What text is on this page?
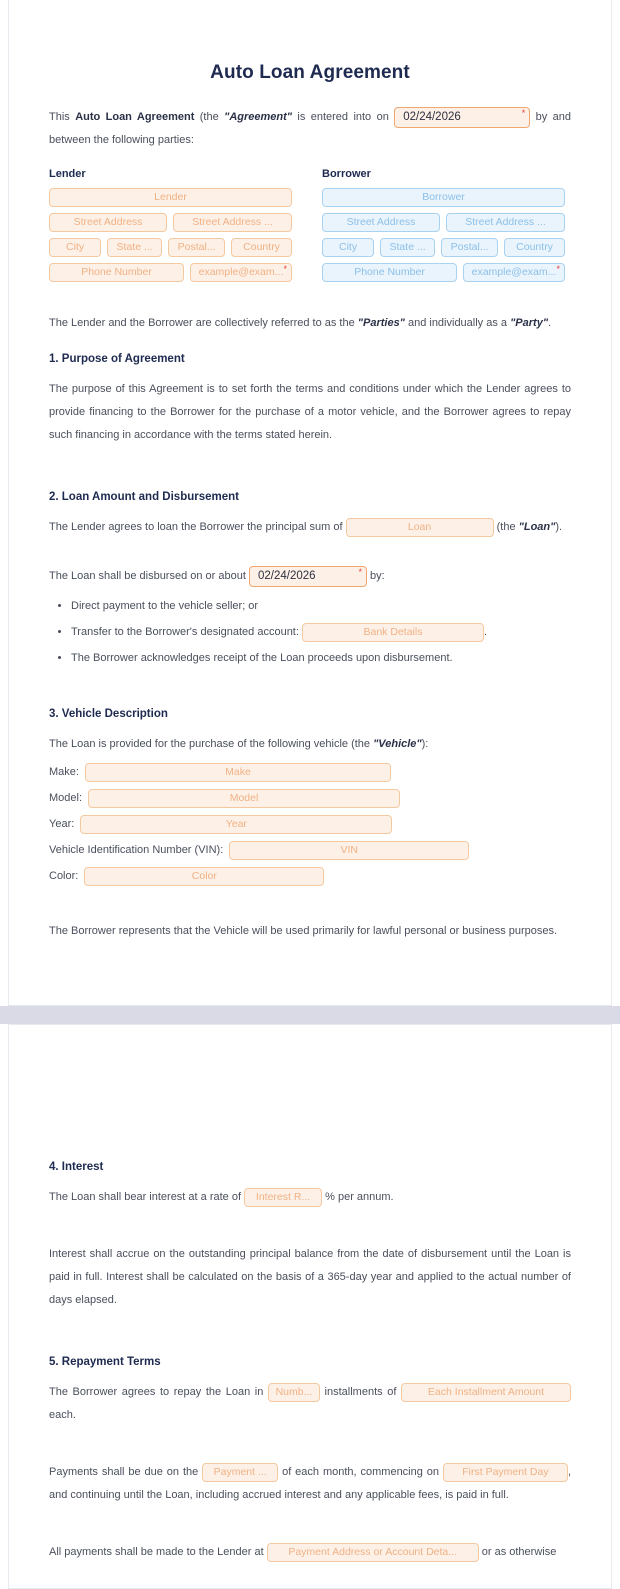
Auto Loan Agreement

This Auto Loan Agreement (the "Agreement" is entered into on 02/24/2026	* by and between the following parties:

Lender
Lender
Street Address	Street Address ...
City	State ...	Postal...	Country
Phone Number	example@exam... *
Borrower
Borrower
Street Address	Street Address ...
City	State ...	Postal...	Country
Phone Number	example@exam... *

The Lender and the Borrower are collectively referred to as the "Parties" and individually as a "Party".

1. Purpose of Agreement

The purpose of this Agreement is to set forth the terms and conditions under which the Lender agrees to provide financing to the Borrower for the purchase of a motor vehicle, and the Borrower agrees to repay such financing in accordance with the terms stated herein.

2. Loan Amount and Disbursement

The Lender agrees to loan the Borrower the principal sum of	Loan	(the "Loan").

The Loan shall be disbursed on or about 02/24/2026	* by:

• Direct payment to the vehicle seller; or
• Transfer to the Borrower's designated account:	Bank Details	.
• The Borrower acknowledges receipt of the Loan proceeds upon disbursement.
3. Vehicle Description

The Loan is provided for the purchase of the following vehicle (the "Vehicle"):

Make:	Make
Model:	Model
Year:	Year
Vehicle Identification Number (VIN):	VIN
Color:	Color

The Borrower represents that the Vehicle will be used primarily for lawful personal or business purposes.

4. Interest

The Loan shall bear interest at a rate of Interest R... % per annum.

Interest shall accrue on the outstanding principal balance from the date of disbursement until the Loan is paid in full. Interest shall be calculated on the basis of a 365-day year and applied to the actual number of days elapsed.

5. Repayment Terms

The Borrower agrees to repay the Loan in Numb... installments of	Each Installment Amount each.

Payments shall be due on the Payment ... of each month, commencing on First Payment Day , and continuing until the Loan, including accrued interest and any applicable fees, is paid in full.

All payments shall be made to the Lender at Payment Address or Account Deta... or as otherwise
